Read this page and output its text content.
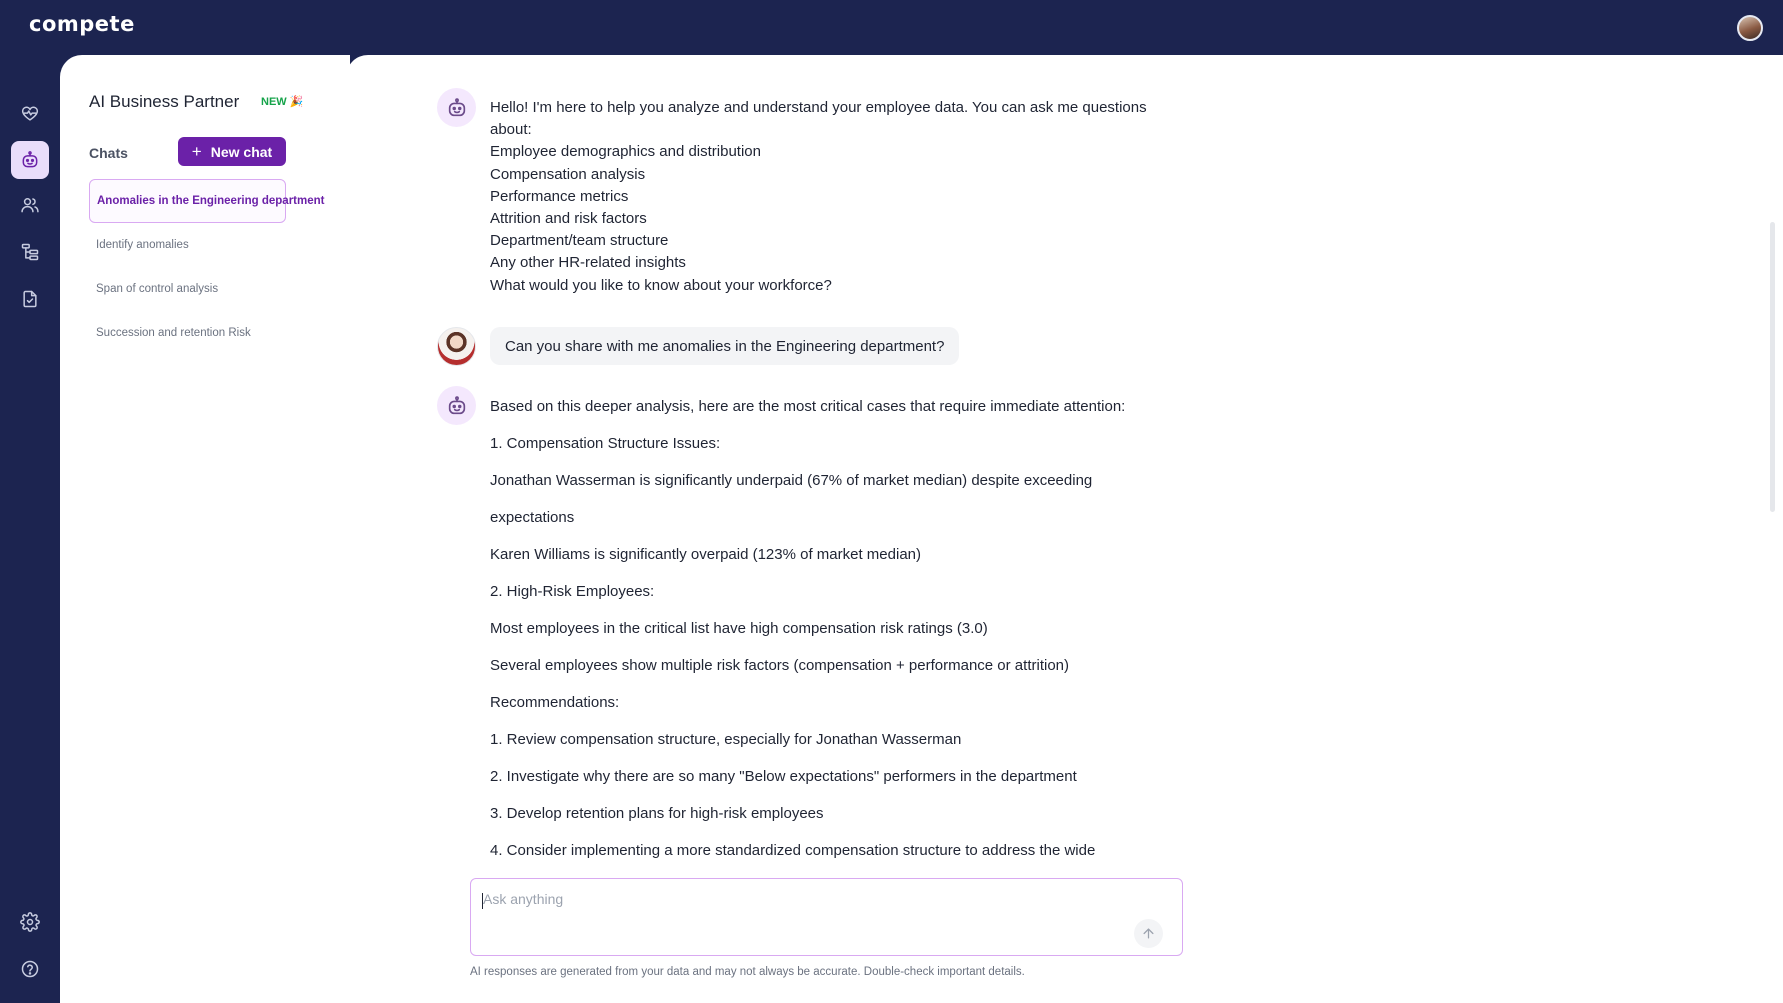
compete
AI Business Partner NEW 🎉
Chats	+ New chat
Anomalies in the Engineering department
Identify anomalies
Span of control analysis
Succession and retention Risk

Hello! I'm here to help you analyze and understand your employee data. You can ask me questions about:

Employee demographics and distribution

Compensation analysis

Performance metrics

Attrition and risk factors

Department/team structure

Any other HR-related insights

What would you like to know about your workforce?

Can you share with me anomalies in the Engineering department?

Based on this deeper analysis, here are the most critical cases that require immediate attention:

1. Compensation Structure Issues:

Jonathan Wasserman is significantly underpaid (67% of market median) despite exceeding

expectations

Karen Williams is significantly overpaid (123% of market median)

2. High-Risk Employees:

Most employees in the critical list have high compensation risk ratings (3.0)

Several employees show multiple risk factors (compensation + performance or attrition)

Recommendations:

1. Review compensation structure, especially for Jonathan Wasserman

2. Investigate why there are so many "Below expectations" performers in the department

3. Develop retention plans for high-risk employees

4. Consider implementing a more standardized compensation structure to address the wide

Ask anything
AI responses are generated from your data and may not always be accurate. Double-check important details.
